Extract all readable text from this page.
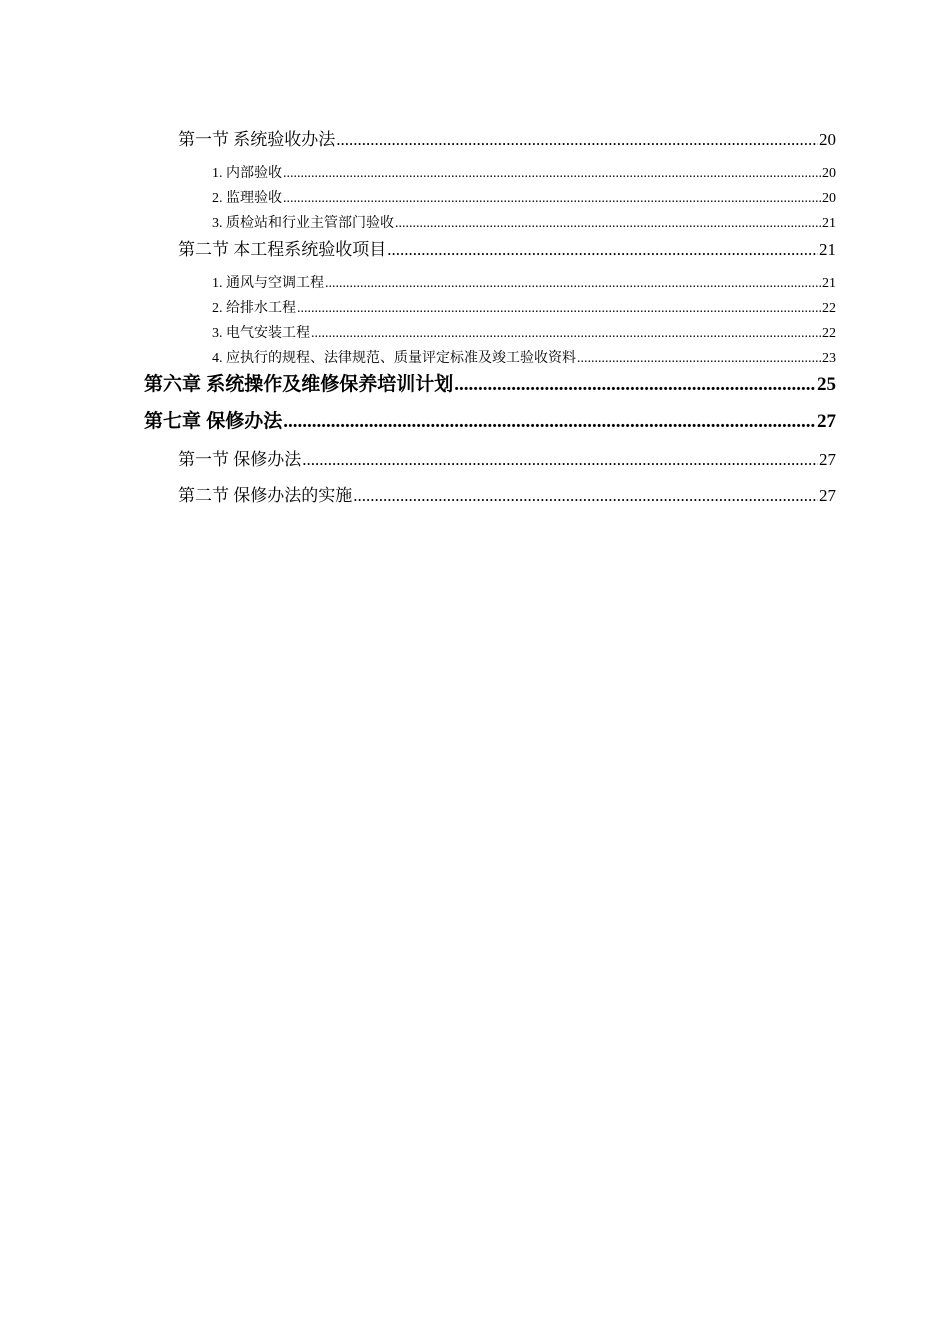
第一节 系统验收办法 .....	20
1. 内部验收 .....	20
2. 监理验收 .....	20
3. 质检站和行业主管部门验收 .....	21
第二节 本工程系统验收项目 .....	21
1. 通风与空调工程 .....	21
2. 给排水工程 .....	22
3. 电气安装工程 .....	22
4. 应执行的规程、法律规范、质量评定标准及竣工验收资料 .....	23
第六章 系统操作及维修保养培训计划 .....	25
第七章 保修办法 .....	27
第一节 保修办法 .....	27
第二节 保修办法的实施 .....	27
